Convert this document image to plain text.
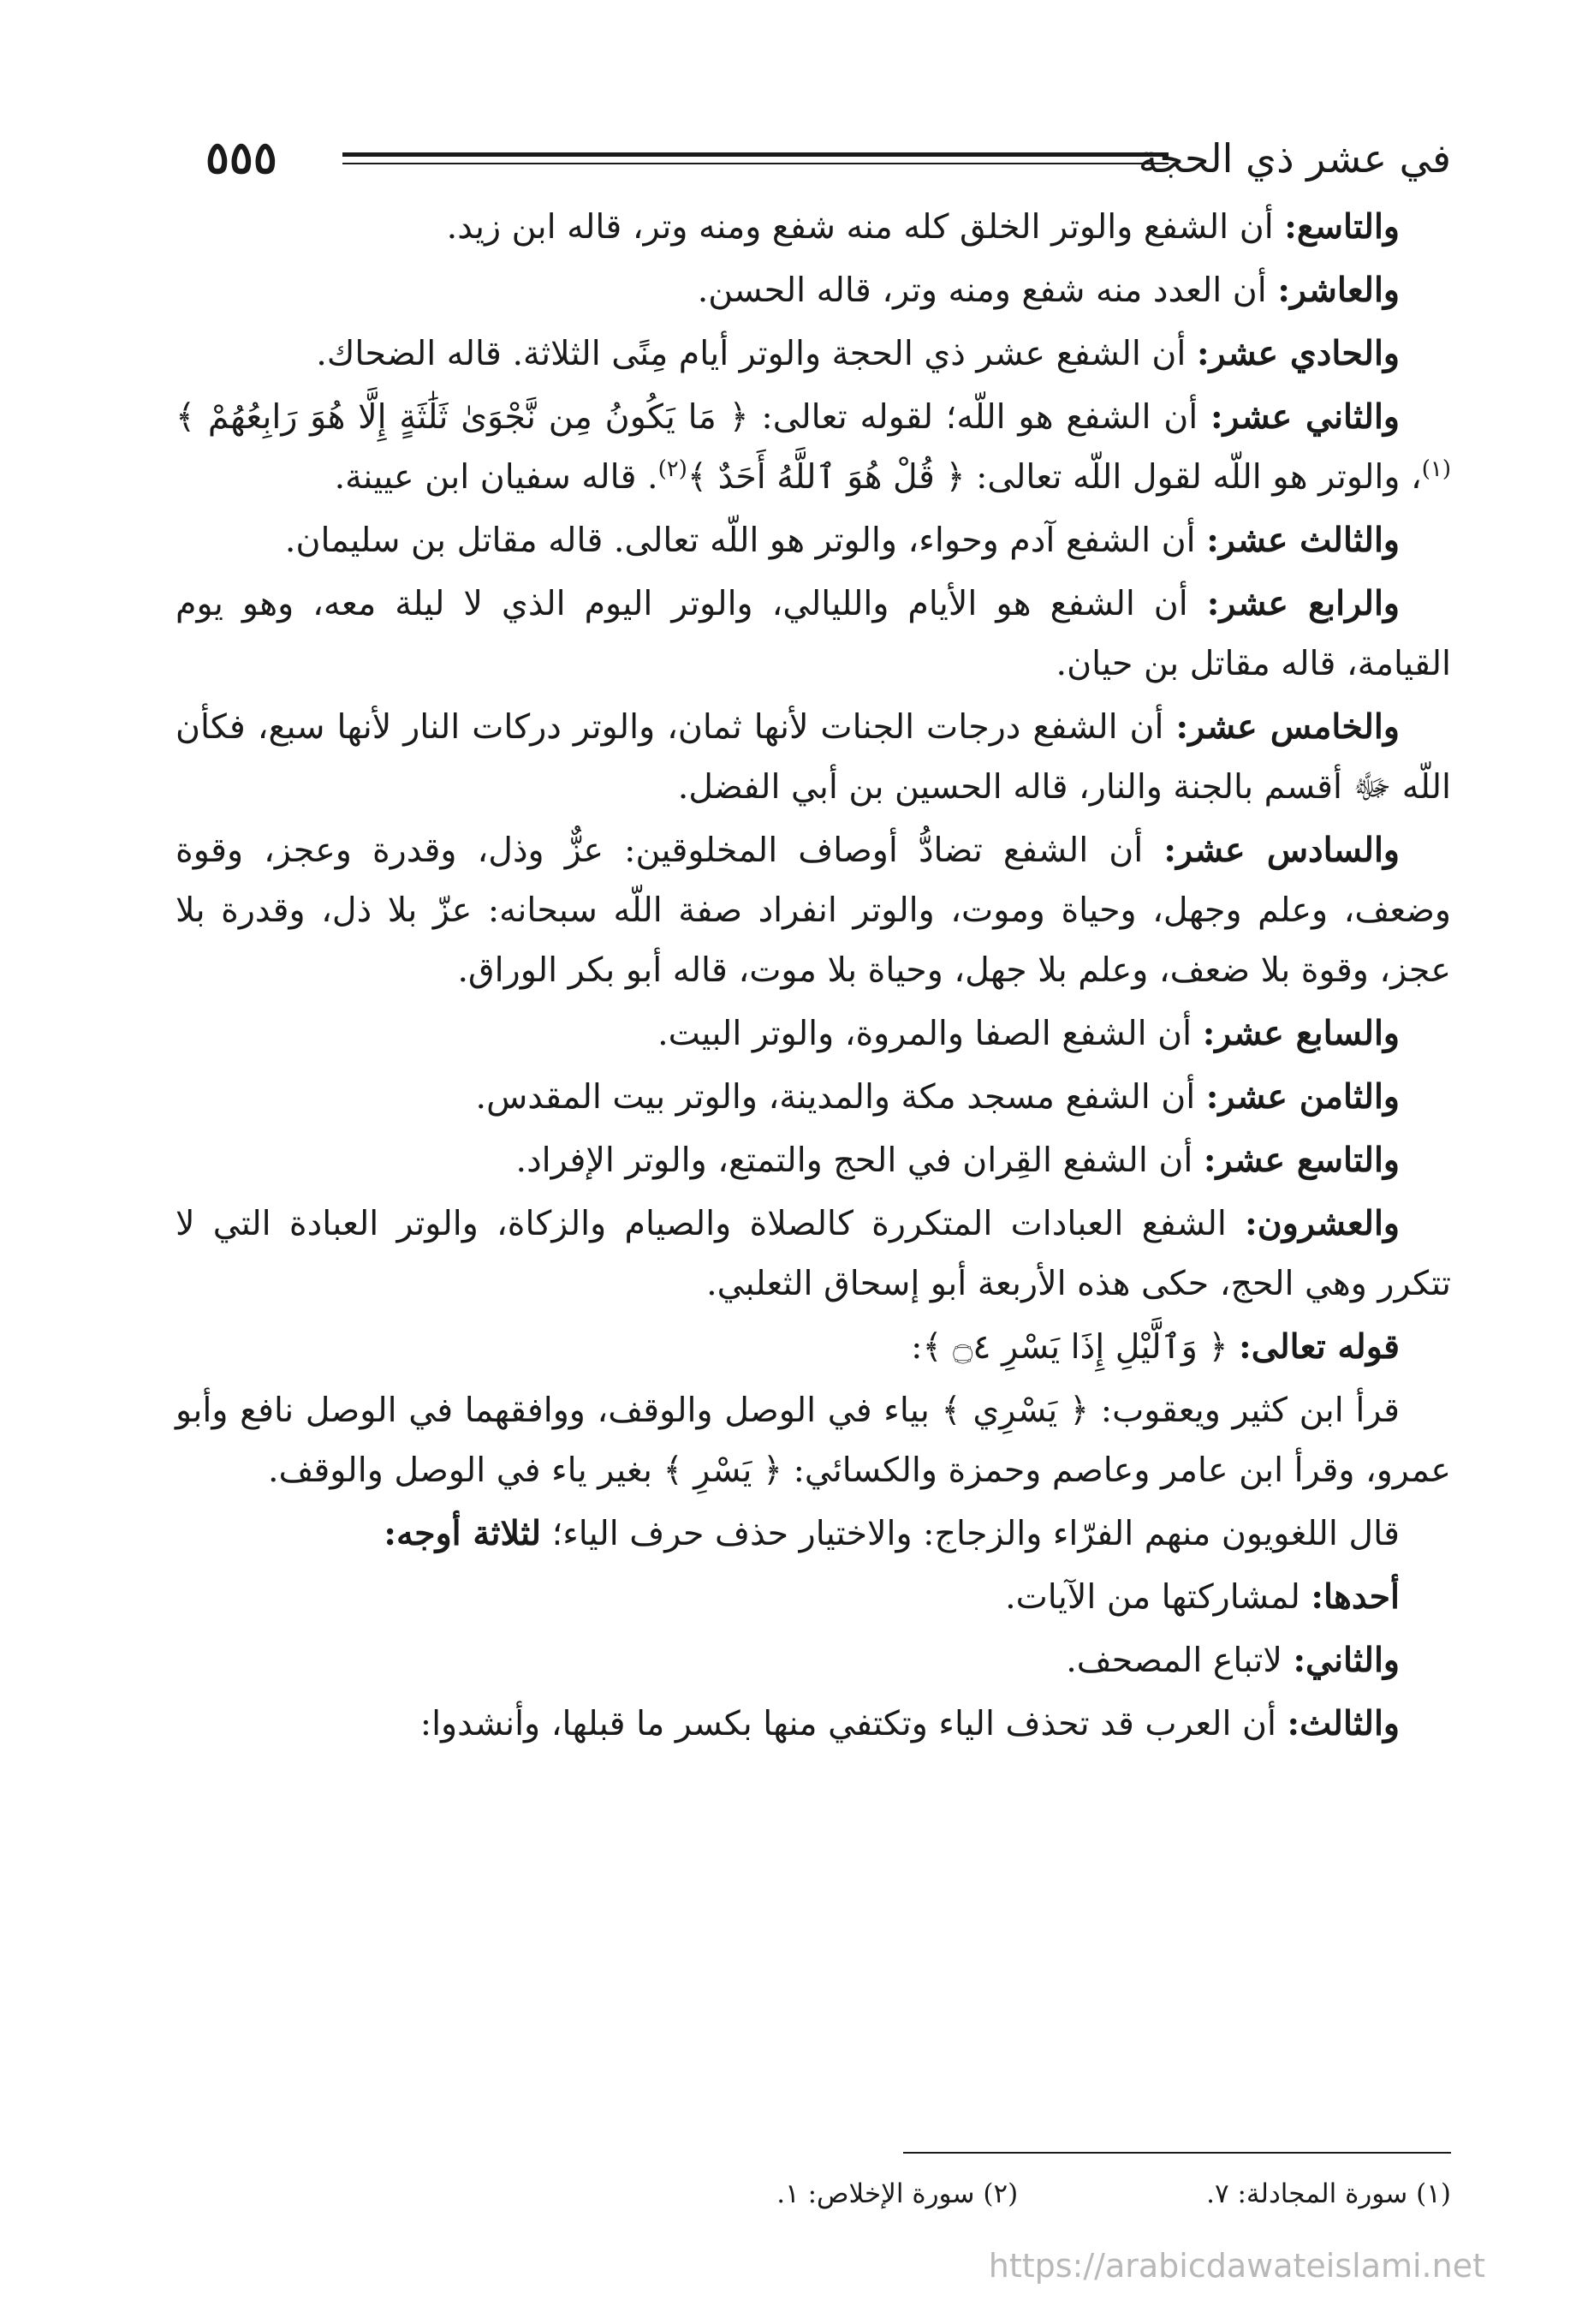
في عشر ذي الحجة
٥٥٥

والتاسع: أن الشفع والوتر الخلق كله منه شفع ومنه وتر، قاله ابن زيد.

والعاشر: أن العدد منه شفع ومنه وتر، قاله الحسن.

والحادي عشر: أن الشفع عشر ذي الحجة والوتر أيام مِنًى الثلاثة. قاله الضحاك.

والثاني عشر: أن الشفع هو اللّه؛ لقوله تعالى: ﴿ مَا يَكُونُ مِن نَّجْوَىٰ ثَلَٰثَةٍ إِلَّا هُوَ رَابِعُهُمْ ﴾$^{(١)}$، والوتر هو اللّه لقول اللّه تعالى: ﴿ قُلْ هُوَ ٱللَّهُ أَحَدٌ ﴾$^{(٢)}$. قاله سفيان ابن عيينة.

والثالث عشر: أن الشفع آدم وحواء، والوتر هو اللّه تعالى. قاله مقاتل بن سليمان.

والرابع عشر: أن الشفع هو الأيام والليالي، والوتر اليوم الذي لا ليلة معه، وهو يوم القيامة، قاله مقاتل بن حيان.

والخامس عشر: أن الشفع درجات الجنات لأنها ثمان، والوتر دركات النار لأنها سبع، فكأن اللّه ﷻ أقسم بالجنة والنار، قاله الحسين بن أبي الفضل.

والسادس عشر: أن الشفع تضادُّ أوصاف المخلوقين: عزٌّ وذل، وقدرة وعجز، وقوة وضعف، وعلم وجهل، وحياة وموت، والوتر انفراد صفة اللّه سبحانه: عزّ بلا ذل، وقدرة بلا عجز، وقوة بلا ضعف، وعلم بلا جهل، وحياة بلا موت، قاله أبو بكر الوراق.

والسابع عشر: أن الشفع الصفا والمروة، والوتر البيت.

والثامن عشر: أن الشفع مسجد مكة والمدينة، والوتر بيت المقدس.

والتاسع عشر: أن الشفع القِران في الحج والتمتع، والوتر الإفراد.

والعشرون: الشفع العبادات المتكررة كالصلاة والصيام والزكاة، والوتر العبادة التي لا تتكرر وهي الحج، حكى هذه الأربعة أبو إسحاق الثعلبي.

قوله تعالى: ﴿ وَٱلَّيْلِ إِذَا يَسْرِ ۝٤ ﴾:

قرأ ابن كثير ويعقوب: ﴿ يَسْرِي ﴾ بياء في الوصل والوقف، ووافقهما في الوصل نافع وأبو عمرو، وقرأ ابن عامر وعاصم وحمزة والكسائي: ﴿ يَسْرِ ﴾ بغير ياء في الوصل والوقف.

قال اللغويون منهم الفرّاء والزجاج: والاختيار حذف حرف الياء؛ لثلاثة أوجه:

أحدها: لمشاركتها من الآيات.

والثاني: لاتباع المصحف.

والثالث: أن العرب قد تحذف الياء وتكتفي منها بكسر ما قبلها، وأنشدوا:

(١) سورة المجادلة: ٧. (٢) سورة الإخلاص: ١.
https://arabicdawateislami.net
